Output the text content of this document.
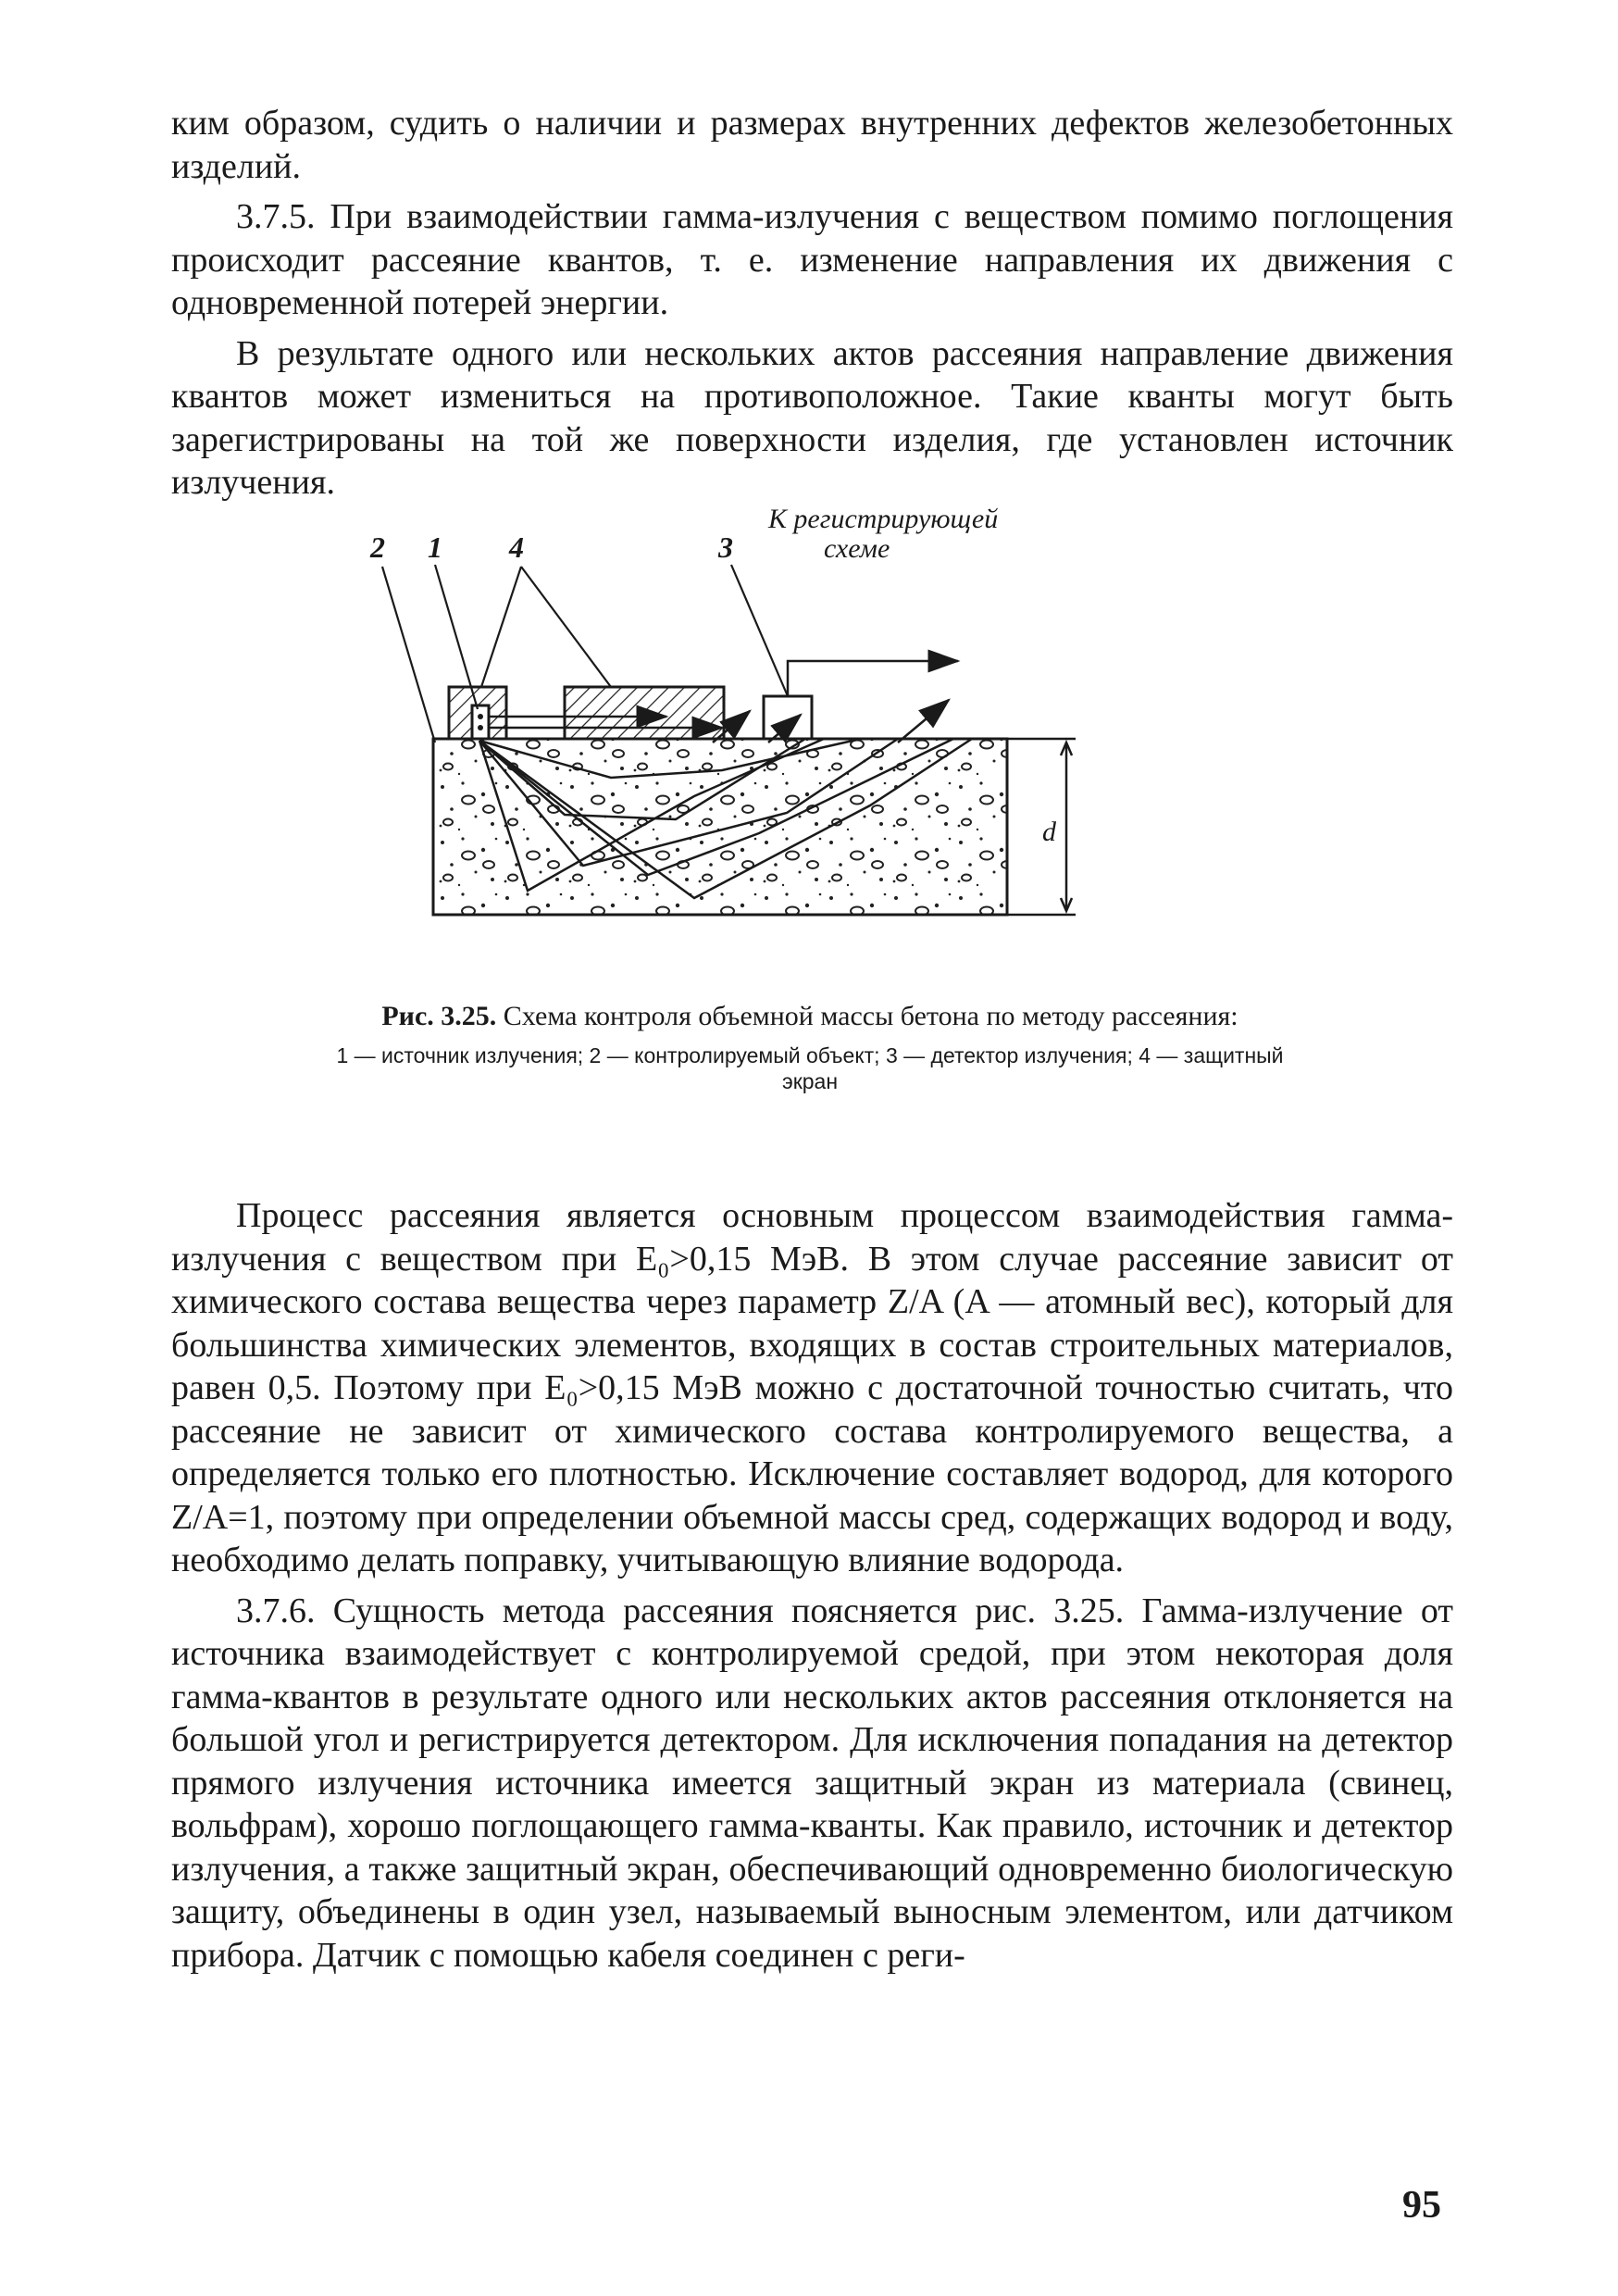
ким образом, судить о наличии и размерах внутренних дефектов железобетонных изделий.

3.7.5. При взаимодействии гамма-излучения с веществом помимо поглощения происходит рассеяние квантов, т. е. изменение направления их движения с одновременной потерей энергии.

В результате одного или нескольких актов рассеяния направление движения квантов может измениться на противоположное. Такие кванты могут быть зарегистрированы на той же поверхности изделия, где установлен источник излучения.

d
2 1 4	3
К регистрирующей
схеме

Рис. 3.25. Схема контроля объемной массы бетона по методу рассеяния:

1 — источник излучения; 2 — контролируемый объект; 3 — детектор излучения; 4 — защитный экран

Процесс рассеяния является основным процессом взаимодействия гамма-излучения с веществом при E₀>0,15 МэВ. В этом случае рассеяние зависит от химического состава вещества через параметр Z/A (A — атомный вес), который для большинства химических элементов, входящих в состав строительных материалов, равен 0,5. Поэтому при E₀>0,15 МэВ можно с достаточной точностью считать, что рассеяние не зависит от химического состава контролируемого вещества, а определяется только его плотностью. Исключение составляет водород, для которого Z/A=1, поэтому при определении объемной массы сред, содержащих водород и воду, необходимо делать поправку, учитывающую влияние водорода.

3.7.6. Сущность метода рассеяния поясняется рис. 3.25. Гамма-излучение от источника взаимодействует с контролируемой средой, при этом некоторая доля гамма-квантов в результате одного или нескольких актов рассеяния отклоняется на большой угол и регистрируется детектором. Для исключения попадания на детектор прямого излучения источника имеется защитный экран из материала (свинец, вольфрам), хорошо поглощающего гамма-кванты. Как правило, источник и детектор излучения, а также защитный экран, обеспечивающий одновременно биологическую защиту, объединены в один узел, называемый выносным элементом, или датчиком прибора. Датчик с помощью кабеля соединен с реги-

95
